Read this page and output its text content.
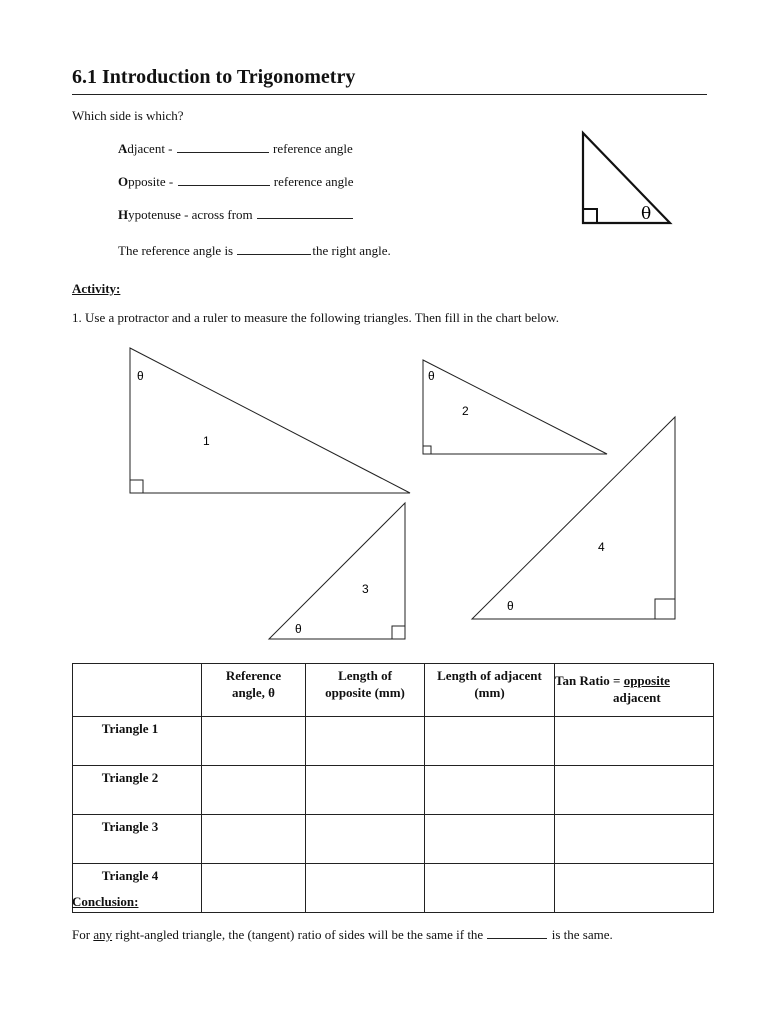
6.1 Introduction to Trigonometry
Which side is which?
Adjacent -	reference angle
Opposite -	reference angle
Hypotenuse - across from
The reference angle is	the right angle.
Activity:
1. Use a protractor and a ruler to measure the following triangles. Then fill in the chart below.
θ
θ
1
θ
2
θ
3
θ
4

	Reference angle, θ	Length of opposite (mm)	Length of adjacent (mm)	Tan Ratio = opposite
adjacent
Triangle 1				
Triangle 2				
Triangle 3				
Triangle 4				
Conclusion:
For any right-angled triangle, the (tangent) ratio of sides will be the same if the	is the same.
